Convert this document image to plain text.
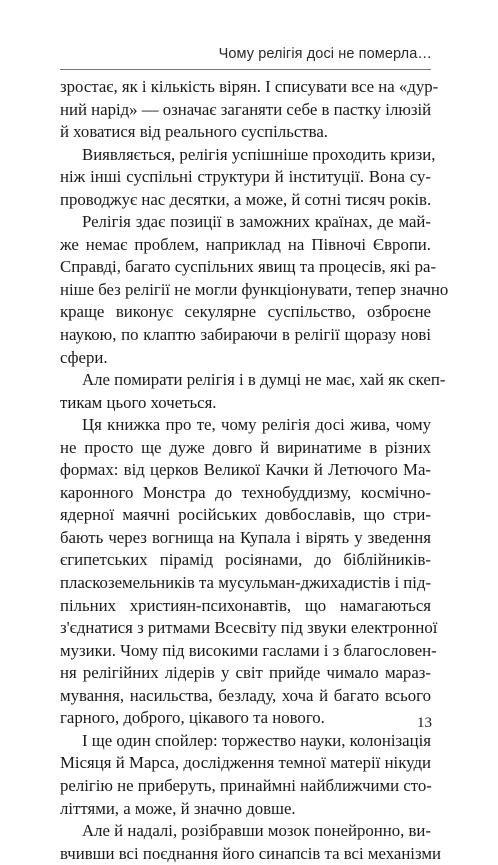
Чому релігія досі не померла…
зростає, як і кількість вірян. І списувати все на «дур-
ний нарід» — означає заганяти себе в пастку ілюзій
й ховатися від реального суспільства.
Виявляється, релігія успішніше проходить кризи,
ніж інші суспільні структури й інституції. Вона су-
проводжує нас десятки, а може, й сотні тисяч років.
Релігія здає позиції в заможних країнах, де май-
же немає проблем, наприклад на Півночі Європи.
Справді, багато суспільних явищ та процесів, які ра-
ніше без релігії не могли функціонувати, тепер значно
краще виконує секулярне суспільство, озброєне
наукою, по клаптю забираючи в релігії щоразу нові
сфери.
Але помирати релігія і в думці не має, хай як скеп-
тикам цього хочеться.
Ця книжка про те, чому релігія досі жива, чому
не просто ще дуже довго й виринатиме в різних
формах: від церков Великої Качки й Летючого Ма-
каронного Монстра до технобуддизму, космічно-
ядерної маячні російських довбославів, що стри-
бають через вогнища на Купала і вірять у зведення
єгипетських пірамід росіянами, до біблійників-
пласкоземельників та мусульман-джихадистів і під-
пільних християн-психонавтів, що намагаються
з'єднатися з ритмами Всесвіту під звуки електронної
музики. Чому під високими гаслами і з благословен-
ня релігійних лідерів у світ прийде чимало мараз-
мування, насильства, безладу, хоча й багато всього
гарного, доброго, цікавого та нового.
І ще один спойлер: торжество науки, колонізація
Місяця й Марса, дослідження темної матерії нікуди
релігію не приберуть, принаймні найближчими сто-
літтями, а може, й значно довше.
Але й надалі, розібравши мозок понейронно, ви-
вчивши всі поєднання його синапсів та всі механізми
13
